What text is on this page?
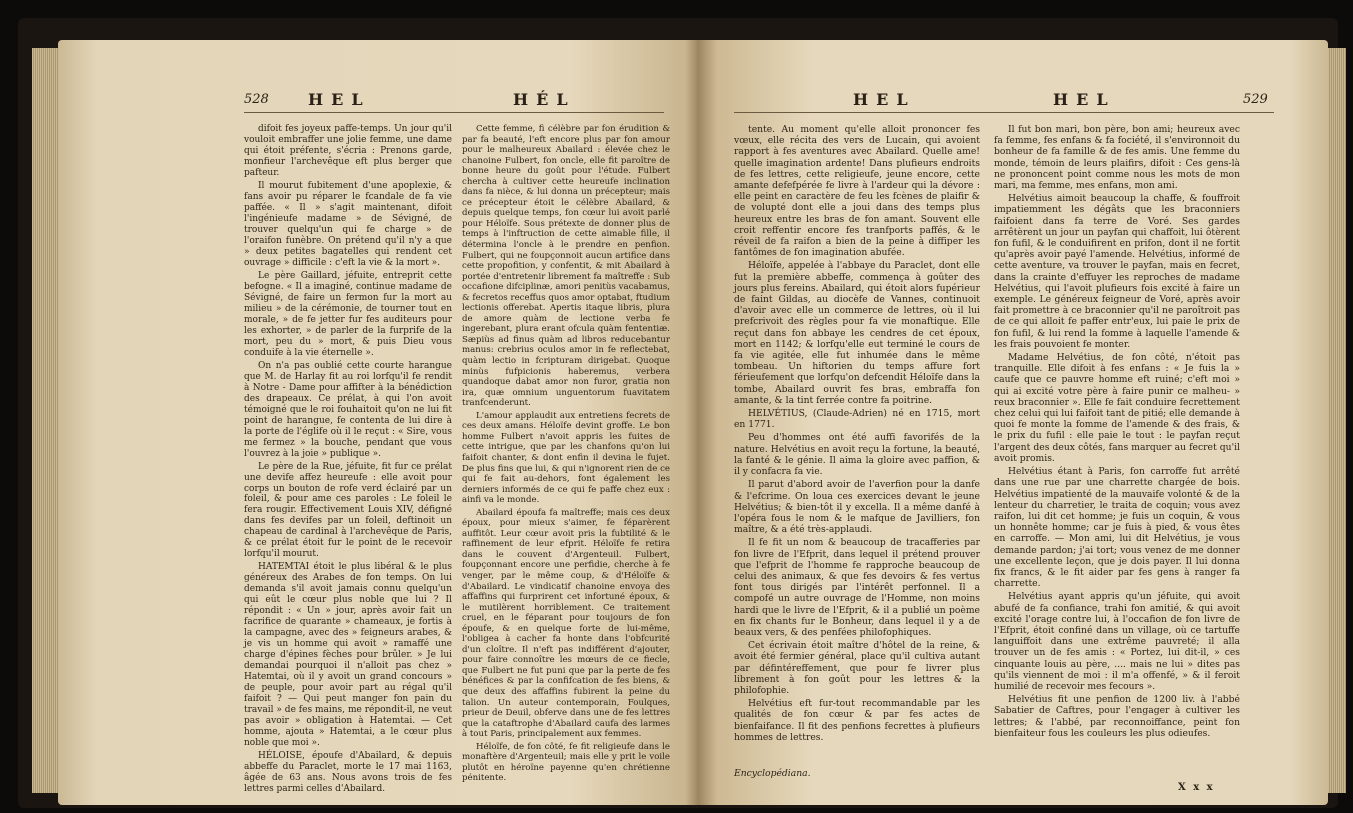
528 HEL	HÉL

difoit fes joyeux paffe-temps. Un jour qu'il vouloit embraffer une jolie femme, une dame qui étoit préfente, s'écria : Prenons garde, monfieur l'archevêque eft plus berger que pafteur.

Il mourut fubitement d'une apoplexie, & fans avoir pu réparer le fcandale de fa vie paffée. « Il » s'agit maintenant, difoit l'ingénieufe madame » de Sévigné, de trouver quelqu'un qui fe charge » de l'oraifon funèbre. On prétend qu'il n'y a que » deux petites bagatelles qui rendent cet ouvrage » difficile : c'eft la vie & la mort ».

Le père Gaillard, jéfuite, entreprit cette befogne. « Il a imaginé, continue madame de Sévigné, de faire un fermon fur la mort au milieu » de la cérémonie, de tourner tout en morale, » de fe jetter fur fes auditeurs pour les exhorter, » de parler de la furprife de la mort, peu du » mort, & puis Dieu vous conduife à la vie éternelle ».

On n'a pas oublié cette courte harangue que M. de Harlay fit au roi lorfqu'il fe rendit à Notre - Dame pour affifter à la bénédiction des drapeaux. Ce prélat, à qui l'on avoit témoigné que le roi fouhaitoit qu'on ne lui fit point de harangue, fe contenta de lui dire à la porte de l'églife où il le reçut : « Sire, vous me fermez » la bouche, pendant que vous l'ouvrez à la joie » publique ».

Le père de la Rue, jéfuite, fit fur ce prélat une devife affez heureufe : elle avoit pour corps un bouton de rofe verd éclairé par un foleil, & pour ame ces paroles : Le foleil le fera rougir. Effectivement Louis XIV, défigné dans fes devifes par un foleil, deftinoit un chapeau de cardinal à l'archevêque de Paris, & ce prélat étoit fur le point de le recevoir lorfqu'il mourut.

HATEMTAI étoit le plus libéral & le plus généreux des Arabes de fon temps. On lui demanda s'il avoit jamais connu quelqu'un qui eût le cœur plus noble que lui ? Il répondit : « Un » jour, après avoir fait un facrifice de quarante » chameaux, je fortis à la campagne, avec des » feigneurs arabes, & je vis un homme qui avoit » ramaffé une charge d'épines fèches pour brûler. » Je lui demandai pourquoi il n'alloit pas chez » Hatemtai, où il y avoit un grand concours » de peuple, pour avoir part au régal qu'il faifoit ? — Qui peut manger fon pain du travail » de fes mains, me répondit-il, ne veut pas avoir » obligation à Hatemtai. — Cet homme, ajouta » Hatemtai, a le cœur plus noble que moi ».

HÉLOISE, époufe d'Abailard, & depuis abbeffe du Paraclet, morte le 17 mai 1163, âgée de 63 ans. Nous avons trois de fes lettres parmi celles d'Abailard.

Cette femme, fi célèbre par fon érudition & par fa beauté, l'eft encore plus par fon amour pour le malheureux Abailard : élevée chez le chanoine Fulbert, fon oncle, elle fit paroître de bonne heure du goût pour l'étude. Fulbert chercha à cultiver cette heureufe inclination dans fa nièce, & lui donna un précepteur; mais ce précepteur étoit le célèbre Abailard, & depuis quelque temps, fon cœur lui avoit parlé pour Héloïfe. Sous prétexte de donner plus de temps à l'inftruction de cette aimable fille, il détermina l'oncle à le prendre en penfion. Fulbert, qui ne foupçonnoit aucun artifice dans cette propofition, y confentit, & mit Abailard à portée d'entretenir librement fa maîtreffe : Sub occafione difciplinæ, amori penitùs vacabamus, & fecretos receffus quos amor optabat, ftudium lectionis offerebat. Apertis itaque libris, plura de amore quàm de lectione verba fe ingerebant, plura erant ofcula quàm fententiæ. Sæpiùs ad finus quàm ad libros reducebantur manus: crebrius oculos amor in fe reflectebat, quàm lectio in fcripturam dirigebat. Quoque minùs fufpicionis haberemus, verbera quandoque dabat amor non furor, gratia non ira, quæ omnium unguentorum fuavitatem tranfcenderunt.

L'amour applaudit aux entretiens fecrets de ces deux amans. Héloïfe devint groffe. Le bon homme Fulbert n'avoit appris les fuites de cette intrigue, que par les chanfons qu'on lui faifoit chanter, & dont enfin il devina le fujet. De plus fins que lui, & qui n'ignorent rien de ce qui fe fait au-dehors, font également les derniers informés de ce qui fe paffe chez eux : ainfi va le monde.

Abailard époufa fa maîtreffe; mais ces deux époux, pour mieux s'aimer, fe féparèrent auffitôt. Leur cœur avoit pris la fubtilité & le raffinement de leur efprit. Héloïfe fe retira dans le couvent d'Argenteuil. Fulbert, foupçonnant encore une perfidie, cherche à fe venger, par le même coup, & d'Héloïfe & d'Abailard. Le vindicatif chanoine envoya des affaffins qui furprirent cet infortuné époux, & le mutilèrent horriblement. Ce traitement cruel, en le féparant pour toujours de fon époufe, & en quelque forte de lui-même, l'obligea à cacher fa honte dans l'obfcurité d'un cloître. Il n'eft pas indifférent d'ajouter, pour faire connoître les mœurs de ce fiecle, que Fulbert ne fut puni que par la perte de fes bénéfices & par la confifcation de fes biens, & que deux des affaffins fubirent la peine du talion. Un auteur contemporain, Foulques, prieur de Deuil, obferve dans une de fes lettres que la cataftrophe d'Abailard caufa des larmes à tout Paris, principalement aux femmes.

Héloïfe, de fon côté, fe fit religieufe dans le monaftère d'Argenteuil; mais elle y prit le voile plutôt en héroïne payenne qu'en chrétienne pénitente.

HEL	HEL	529

tente. Au moment qu'elle alloit prononcer fes vœux, elle récita des vers de Lucain, qui avoient rapport à fes aventures avec Abailard. Quelle ame! quelle imagination ardente! Dans plufieurs endroits de fes lettres, cette religieufe, jeune encore, cette amante defefpérée fe livre à l'ardeur qui la dévore : elle peint en caractère de feu les fcènes de plaifir & de volupté dont elle a joui dans des temps plus heureux entre les bras de fon amant. Souvent elle croit reffentir encore fes tranfports paffés, & le réveil de fa raifon a bien de la peine à diffiper les fantômes de fon imagination abufée.

Héloïfe, appelée à l'abbaye du Paraclet, dont elle fut la première abbeffe, commença à goûter des jours plus fereins. Abailard, qui étoit alors fupérieur de faint Gildas, au diocèfe de Vannes, continuoit d'avoir avec elle un commerce de lettres, où il lui prefcrivoit des règles pour fa vie monaftique. Elle reçut dans fon abbaye les cendres de cet époux, mort en 1142; & lorfqu'elle eut terminé le cours de fa vie agitée, elle fut inhumée dans le même tombeau. Un hiftorien du temps affure fort férieufement que lorfqu'on defcendit Héloïfe dans la tombe, Abailard ouvrit fes bras, embraffa fon amante, & la tint ferrée contre fa poitrine.

HELVÉTIUS, (Claude-Adrien) né en 1715, mort en 1771.

Peu d'hommes ont été auffi favorifés de la nature. Helvétius en avoit reçu la fortune, la beauté, la fanté & le génie. Il aima la gloire avec paffion, & il y confacra fa vie.

Il parut d'abord avoir de l'averfion pour la danfe & l'efcrime. On loua ces exercices devant le jeune Helvétius; & bien-tôt il y excella. Il a même danfé à l'opéra fous le nom & le mafque de Javilliers, fon maître, & a été très-applaudi.

Il fe fit un nom & beaucoup de tracafferies par fon livre de l'Efprit, dans lequel il prétend prouver que l'efprit de l'homme fe rapproche beaucoup de celui des animaux, & que fes devoirs & fes vertus font tous dirigés par l'intérêt perfonnel. Il a compofé un autre ouvrage de l'Homme, non moins hardi que le livre de l'Efprit, & il a publié un poème en fix chants fur le Bonheur, dans lequel il y a de beaux vers, & des penfées philofophiques.

Cet écrivain étoit maître d'hôtel de la reine, & avoit été fermier général, place qu'il cultiva autant par défintéreffement, que pour fe livrer plus librement à fon goût pour les lettres & la philofophie.

Helvétius eft fur-tout recommandable par les qualités de fon cœur & par fes actes de bienfaifance. Il fit des penfions fecrettes à plufieurs hommes de lettres.

Encyclopédiana.

Il fut bon mari, bon père, bon ami; heureux avec fa femme, fes enfans & fa fociété, il s'environnoit du bonheur de fa famille & de fes amis. Une femme du monde, témoin de leurs plaifirs, difoit : Ces gens-là ne prononcent point comme nous les mots de mon mari, ma femme, mes enfans, mon ami.

Helvétius aimoit beaucoup la chaffe, & fouffroit impatiemment les dégâts que les braconniers faifoient dans fa terre de Voré. Ses gardes arrêtèrent un jour un payfan qui chaffoit, lui ôtèrent fon fufil, & le conduifirent en prifon, dont il ne fortit qu'après avoir payé l'amende. Helvétius, informé de cette aventure, va trouver le payfan, mais en fecret, dans la crainte d'effuyer les reproches de madame Helvétius, qui l'avoit plufieurs fois excité à faire un exemple. Le généreux feigneur de Voré, après avoir fait promettre à ce braconnier qu'il ne paroîtroit pas de ce qui alloit fe paffer entr'eux, lui paie le prix de fon fufil, & lui rend la fomme à laquelle l'amende & les frais pouvoient fe monter.

Madame Helvétius, de fon côté, n'étoit pas tranquille. Elle difoit à fes enfans : « Je fuis la » caufe que ce pauvre homme eft ruiné; c'eft moi » qui ai excité votre père à faire punir ce malheu- » reux braconnier ». Elle fe fait conduire fecrettement chez celui qui lui faifoit tant de pitié; elle demande à quoi fe monte la fomme de l'amende & des frais, & le prix du fufil : elle paie le tout : le payfan reçut l'argent des deux côtés, fans marquer au fecret qu'il avoit promis.

Helvétius étant à Paris, fon carroffe fut arrêté dans une rue par une charrette chargée de bois. Helvétius impatienté de la mauvaife volonté & de la lenteur du charretier, le traita de coquin; vous avez raifon, lui dit cet homme; je fuis un coquin, & vous un honnête homme; car je fuis à pied, & vous êtes en carroffe. — Mon ami, lui dit Helvétius, je vous demande pardon; j'ai tort; vous venez de me donner une excellente leçon, que je dois payer. Il lui donna fix francs, & le fit aider par fes gens à ranger fa charrette.

Helvétius ayant appris qu'un jéfuite, qui avoit abufé de fa confiance, trahi fon amitié, & qui avoit excité l'orage contre lui, à l'occafion de fon livre de l'Efprit, étoit confiné dans un village, où ce tartuffe languiffoit dans une extrême pauvreté; il alla trouver un de fes amis : « Portez, lui dit-il, » ces cinquante louis au père, .... mais ne lui » dites pas qu'ils viennent de moi : il m'a offenfé, » & il feroit humilié de recevoir mes fecours ».

Helvétius fit une penfion de 1200 liv. à l'abbé Sabatier de Caftres, pour l'engager à cultiver les lettres; & l'abbé, par reconnoiffance, peint fon bienfaiteur fous les couleurs les plus odieufes.

X x x
